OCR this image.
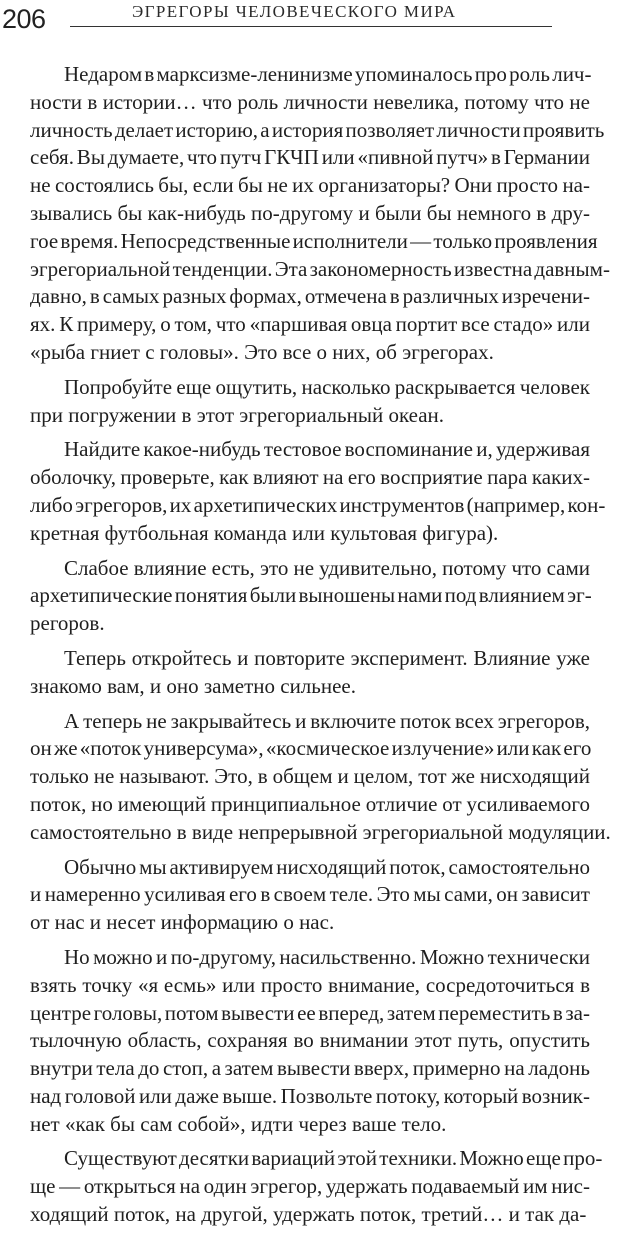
206	ЭГРЕГОРЫ ЧЕЛОВЕЧЕСКОГО МИРА

Недаром в марксизме-ленинизме упоминалось про роль лич-
ности в истории… что роль личности невелика, потому что не
личность делает историю, а история позволяет личности проявить
себя. Вы думаете, что путч ГКЧП или «пивной путч» в Германии
не состоялись бы, если бы не их организаторы? Они просто на-
зывались бы как-нибудь по-другому и были бы немного в дру-
гое время. Непосредственные исполнители — только проявления
эгрегориальной тенденции. Эта закономерность известна давным-
давно, в самых разных формах, отмечена в различных изречени-
ях. К примеру, о том, что «паршивая овца портит все стадо» или
«рыба гниет с головы». Это все о них, об эгрегорах.

Попробуйте еще ощутить, насколько раскрывается человек
при погружении в этот эгрегориальный океан.

Найдите какое-нибудь тестовое воспоминание и, удерживая
оболочку, проверьте, как влияют на его восприятие пара каких-
либо эгрегоров, их архетипических инструментов (например, кон-
кретная футбольная команда или культовая фигура).

Слабое влияние есть, это не удивительно, потому что сами
архетипические понятия были выношены нами под влиянием эг-
регоров.

Теперь откройтесь и повторите эксперимент. Влияние уже
знакомо вам, и оно заметно сильнее.

А теперь не закрывайтесь и включите поток всех эгрегоров,
он же «поток универсума», «космическое излучение» или как его
только не называют. Это, в общем и целом, тот же нисходящий
поток, но имеющий принципиальное отличие от усиливаемого
самостоятельно в виде непрерывной эгрегориальной модуляции.

Обычно мы активируем нисходящий поток, самостоятельно
и намеренно усиливая его в своем теле. Это мы сами, он зависит
от нас и несет информацию о нас.

Но можно и по-другому, насильственно. Можно технически
взять точку «я есмь» или просто внимание, сосредоточиться в
центре головы, потом вывести ее вперед, затем переместить в за-
тылочную область, сохраняя во внимании этот путь, опустить
внутри тела до стоп, а затем вывести вверх, примерно на ладонь
над головой или даже выше. Позвольте потоку, который возник-
нет «как бы сам собой», идти через ваше тело.

Существуют десятки вариаций этой техники. Можно еще про-
ще — открыться на один эгрегор, удержать подаваемый им нис-
ходящий поток, на другой, удержать поток, третий… и так да-
